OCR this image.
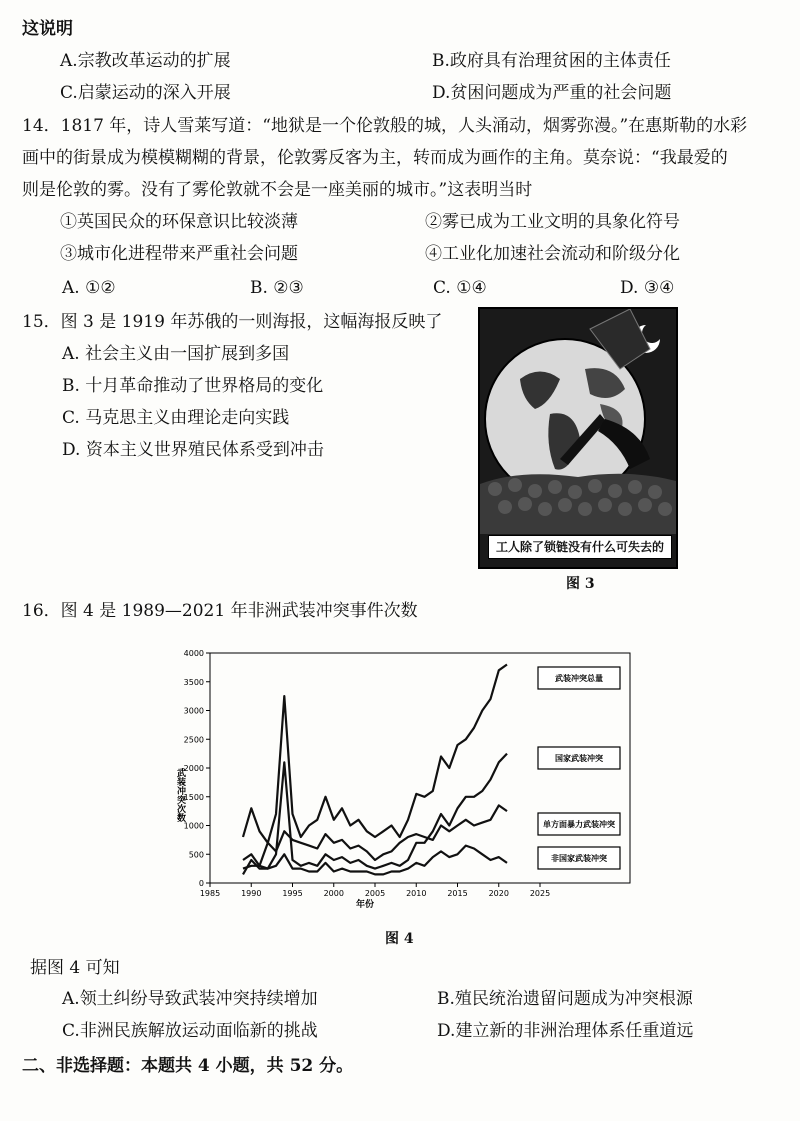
这说明
A.宗教改革运动的扩展	B.政府具有治理贫困的主体责任
C.启蒙运动的深入开展	D.贫困问题成为严重的社会问题
14．1817 年，诗人雪莱写道：“地狱是一个伦敦般的城，人头涌动，烟雾弥漫。”在惠斯勒的水彩
画中的街景成为模模糊糊的背景，伦敦雾反客为主，转而成为画作的主角。莫奈说：“我最爱的
则是伦敦的雾。没有了雾伦敦就不会是一座美丽的城市。”这表明当时
①英国民众的环保意识比较淡薄	②雾已成为工业文明的具象化符号
③城市化进程带来严重社会问题	④工业化加速社会流动和阶级分化
A. ①②	B. ②③	C. ①④	D. ③④
15．图 3 是 1919 年苏俄的一则海报，这幅海报反映了
A. 社会主义由一国扩展到多国
B. 十月革命推动了世界格局的变化
C. 马克思主义由理论走向实践
D. 资本主义世界殖民体系受到冲击
工人除了锁链没有什么可失去的
图 3
16．图 4 是 1989—2021 年非洲武装冲突事件次数
0
500
1000
1500
2000
2500
3000
3500
4000
1985	1990	1995	2000	2005	2010	2015	2020	2025
年份
武装冲突次数
武装冲突总量
国家武装冲突
单方面暴力武装冲突
非国家武装冲突
图 4
据图 4 可知
A.领土纠纷导致武装冲突持续增加	B.殖民统治遗留问题成为冲突根源
C.非洲民族解放运动面临新的挑战	D.建立新的非洲治理体系任重道远
二、非选择题：本题共 4 小题，共 52 分。
